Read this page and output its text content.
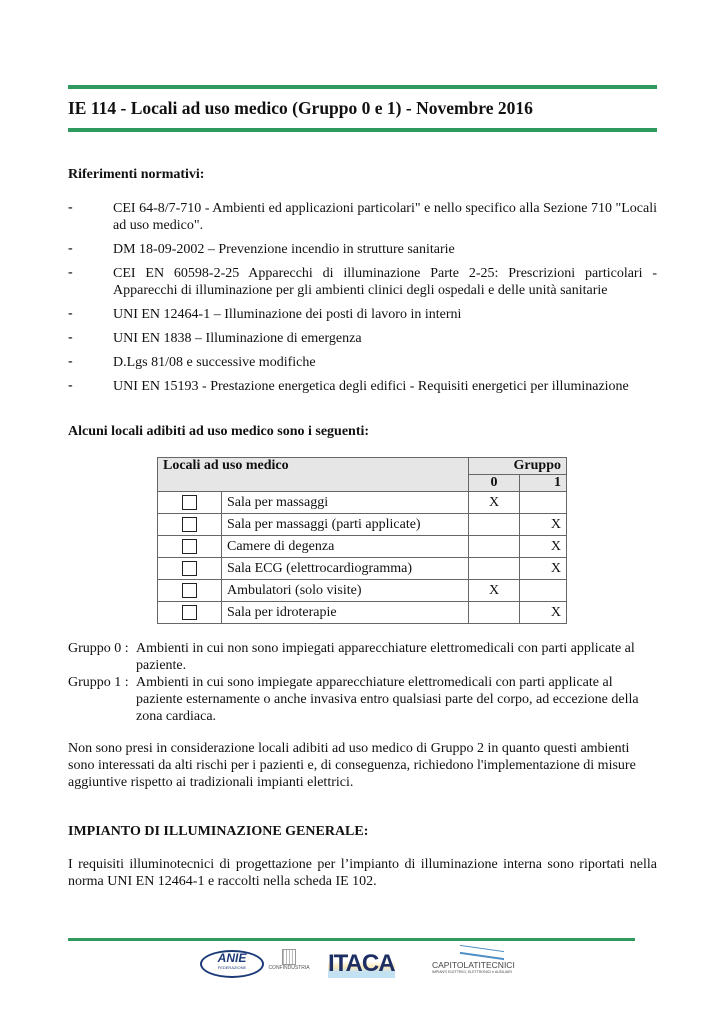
IE 114 - Locali ad uso medico (Gruppo 0 e 1) - Novembre 2016
Riferimenti normativi:
-	CEI 64-8/7-710 - Ambienti ed applicazioni particolari" e nello specifico alla Sezione 710 "Locali ad uso medico".
-	DM 18-09-2002 – Prevenzione incendio in strutture sanitarie
-	CEI EN 60598-2-25 Apparecchi di illuminazione Parte 2-25: Prescrizioni particolari - Apparecchi di illuminazione per gli ambienti clinici degli ospedali e delle unità sanitarie
-	UNI EN 12464-1 – Illuminazione dei posti di lavoro in interni
-	UNI EN 1838 – Illuminazione di emergenza
-	D.Lgs 81/08 e successive modifiche
-	UNI EN 15193 - Prestazione energetica degli edifici - Requisiti energetici per illuminazione
Alcuni locali adibiti ad uso medico sono i seguenti:
Locali ad uso medico		Gruppo	
		0	1
	Sala per massaggi	X	
	Sala per massaggi (parti applicate)		X
	Camere di degenza		X
	Sala ECG (elettrocardiogramma)		X
	Ambulatori (solo visite)	X	
	Sala per idroterapie		X
Gruppo 0 : Ambienti in cui non sono impiegati apparecchiature elettromedicali con parti applicate al paziente.
Gruppo 1 : Ambienti in cui sono impiegate apparecchiature elettromedicali con parti applicate al paziente esternamente o anche invasiva entro qualsiasi parte del corpo, ad eccezione della zona cardiaca.
Non sono presi in considerazione locali adibiti ad uso medico di Gruppo 2 in quanto questi ambienti sono interessati da alti rischi per i pazienti e, di conseguenza, richiedono l'implementazione di misure aggiuntive rispetto ai tradizionali impianti elettrici.
IMPIANTO DI ILLUMINAZIONE GENERALE:
I requisiti illuminotecnici di progettazione per l’impianto di illuminazione interna sono riportati nella norma UNI EN 12464-1 e raccolti nella scheda IE 102.
ANIE
FEDERAZIONE	CONFINDUSTRIA ITACA	CAPITOLATITECNICI
IMPIANTI ELETTRICI, ELETTRONICI e AUSILIARI
